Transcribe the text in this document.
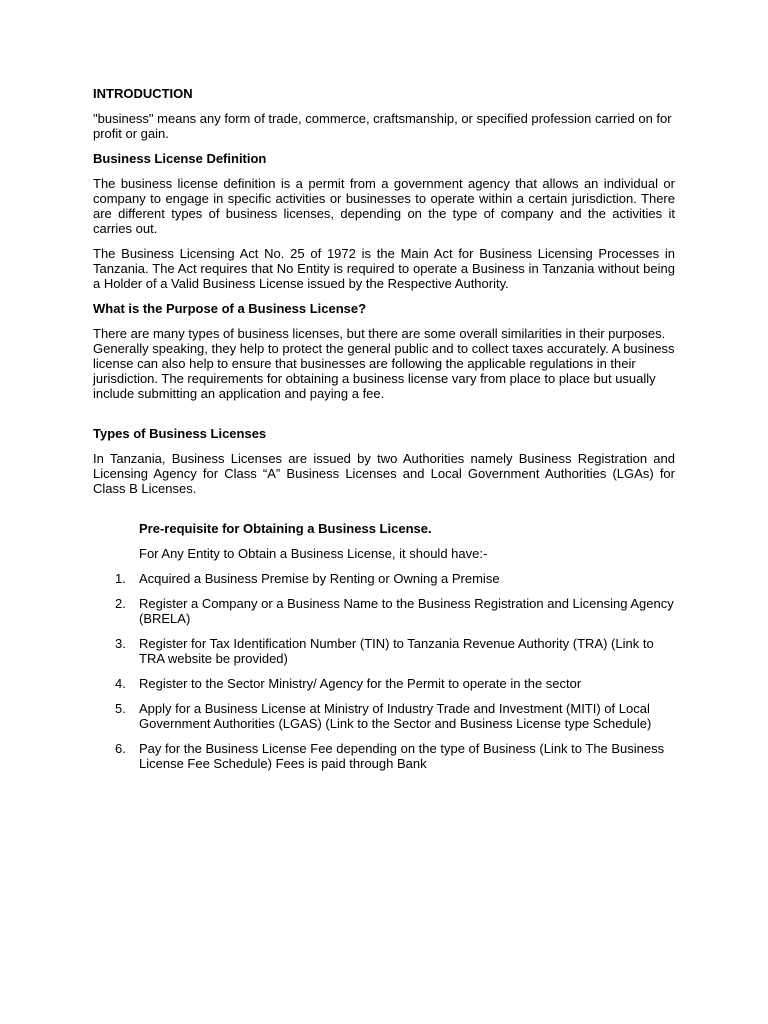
INTRODUCTION
"business" means any form of trade, commerce, craftsmanship, or specified profession carried on for profit or gain.
Business License Definition
The business license definition is a permit from a government agency that allows an individual or company to engage in specific activities or businesses to operate within a certain jurisdiction. There are different types of business licenses, depending on the type of company and the activities it carries out.
The Business Licensing Act No. 25 of 1972 is the Main Act for Business Licensing Processes in Tanzania. The Act requires that No Entity is required to operate a Business in Tanzania without being a Holder of a Valid Business License issued by the Respective Authority.
What is the Purpose of a Business License?
There are many types of business licenses, but there are some overall similarities in their purposes. Generally speaking, they help to protect the general public and to collect taxes accurately. A business license can also help to ensure that businesses are following the applicable regulations in their jurisdiction. The requirements for obtaining a business license vary from place to place but usually include submitting an application and paying a fee.
Types of Business Licenses
In Tanzania, Business Licenses are issued by two Authorities namely Business Registration and Licensing Agency for Class “A” Business Licenses and Local Government Authorities (LGAs) for Class B Licenses.
Pre-requisite for Obtaining a Business License.
For Any Entity to Obtain a Business License, it should have:-
1. Acquired a Business Premise by Renting or Owning a Premise
2. Register a Company or a Business Name to the Business Registration and Licensing Agency (BRELA)
3. Register for Tax Identification Number (TIN) to Tanzania Revenue Authority (TRA) (Link to TRA website be provided)
4. Register to the Sector Ministry/ Agency for the Permit to operate in the sector
5. Apply for a Business License at Ministry of Industry Trade and Investment (MITI) of Local Government Authorities (LGAS) (Link to the Sector and Business License type Schedule)
6. Pay for the Business License Fee depending on the type of Business (Link to The Business License Fee Schedule) Fees is paid through Bank
